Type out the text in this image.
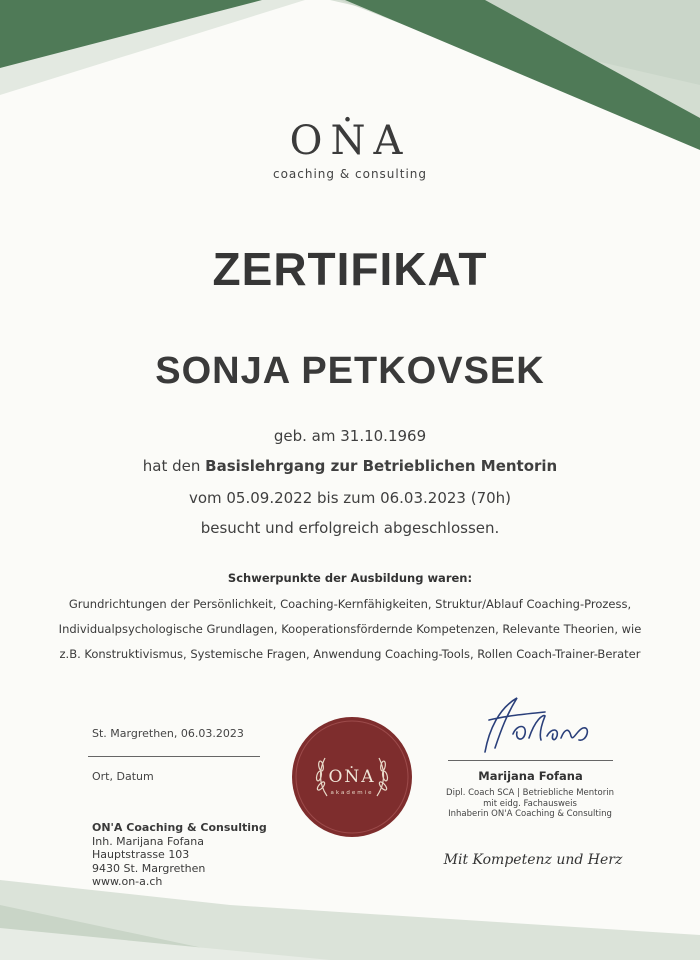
OṄA
coaching & consulting
ZERTIFIKAT
SONJA PETKOVSEK
geb. am 31.10.1969
hat den Basislehrgang zur Betrieblichen Mentorin
vom 05.09.2022 bis zum 06.03.2023 (70h)
besucht und erfolgreich abgeschlossen.
Schwerpunkte der Ausbildung waren:
Grundrichtungen der Persönlichkeit, Coaching-Kernfähigkeiten, Struktur/Ablauf Coaching-Prozess,
Individualpsychologische Grundlagen, Kooperationsfördernde Kompetenzen, Relevante Theorien, wie
z.B. Konstruktivismus, Systemische Fragen, Anwendung Coaching-Tools, Rollen Coach-Trainer-Berater
St. Margrethen, 06.03.2023
Ort, Datum
ON'A Coaching & Consulting
Inh. Marijana Fofana
Hauptstrasse 103
9430 St. Margrethen
www.on-a.ch
OṄA
akademie
Marijana Fofana
Dipl. Coach SCA | Betriebliche Mentorin
mit eidg. Fachausweis
Inhaberin ON'A Coaching & Consulting
Mit Kompetenz und Herz
